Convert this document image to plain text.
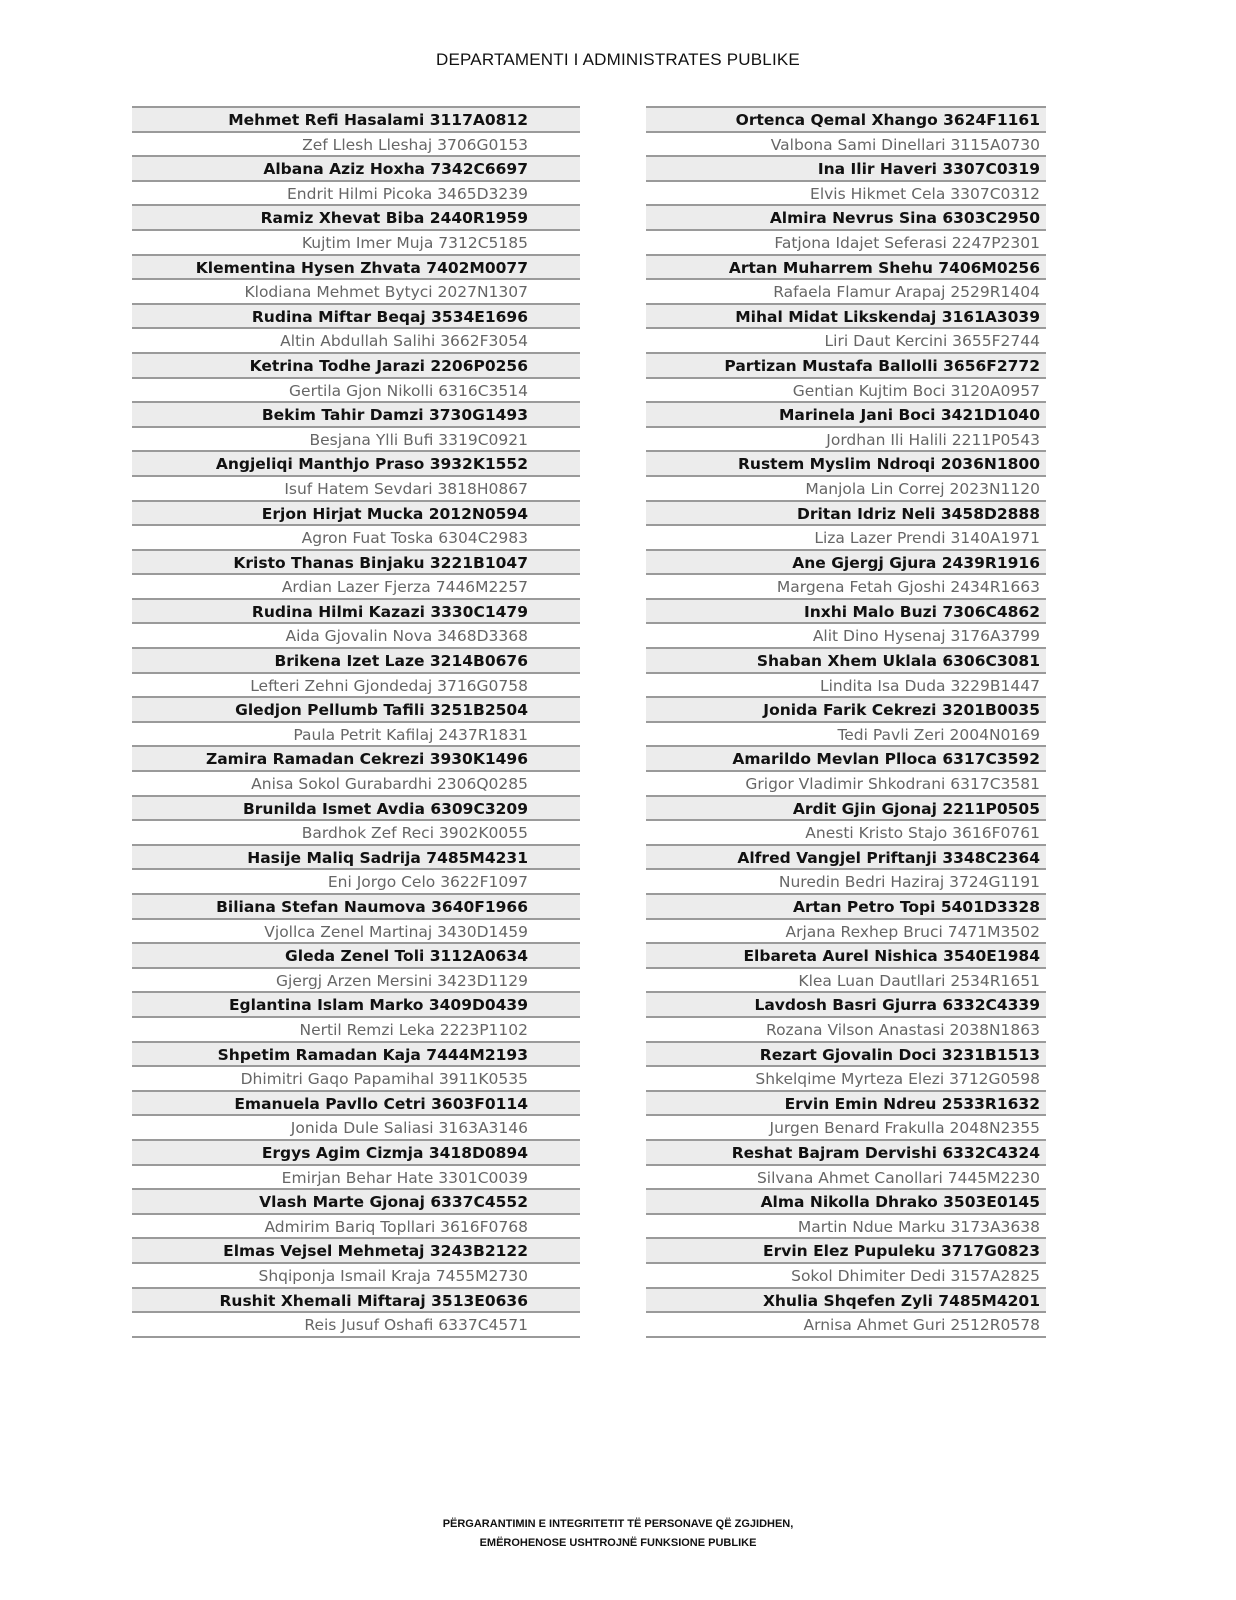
DEPARTAMENTI I ADMINISTRATES PUBLIKE
Mehmet Refi Hasalami 3117A0812
Zef Llesh Lleshaj 3706G0153
Albana Aziz Hoxha 7342C6697
Endrit Hilmi Picoka 3465D3239
Ramiz Xhevat Biba 2440R1959
Kujtim Imer Muja 7312C5185
Klementina Hysen Zhvata 7402M0077
Klodiana Mehmet Bytyci 2027N1307
Rudina Miftar Beqaj 3534E1696
Altin Abdullah Salihi 3662F3054
Ketrina Todhe Jarazi 2206P0256
Gertila Gjon Nikolli 6316C3514
Bekim Tahir Damzi 3730G1493
Besjana Ylli Bufi 3319C0921
Angjeliqi Manthjo Praso 3932K1552
Isuf Hatem Sevdari 3818H0867
Erjon Hirjat Mucka 2012N0594
Agron Fuat Toska 6304C2983
Kristo Thanas Binjaku 3221B1047
Ardian Lazer Fjerza 7446M2257
Rudina Hilmi Kazazi 3330C1479
Aida Gjovalin Nova 3468D3368
Brikena Izet Laze 3214B0676
Lefteri Zehni Gjondedaj 3716G0758
Gledjon Pellumb Tafili 3251B2504
Paula Petrit Kafilaj 2437R1831
Zamira Ramadan Cekrezi 3930K1496
Anisa Sokol Gurabardhi 2306Q0285
Brunilda Ismet Avdia 6309C3209
Bardhok Zef Reci 3902K0055
Hasije Maliq Sadrija 7485M4231
Eni Jorgo Celo 3622F1097
Biliana Stefan Naumova 3640F1966
Vjollca Zenel Martinaj 3430D1459
Gleda Zenel Toli 3112A0634
Gjergj Arzen Mersini 3423D1129
Eglantina Islam Marko 3409D0439
Nertil Remzi Leka 2223P1102
Shpetim Ramadan Kaja 7444M2193
Dhimitri Gaqo Papamihal 3911K0535
Emanuela Pavllo Cetri 3603F0114
Jonida Dule Saliasi 3163A3146
Ergys Agim Cizmja 3418D0894
Emirjan Behar Hate 3301C0039
Vlash Marte Gjonaj 6337C4552
Admirim Bariq Topllari 3616F0768
Elmas Vejsel Mehmetaj 3243B2122
Shqiponja Ismail Kraja 7455M2730
Rushit Xhemali Miftaraj 3513E0636
Reis Jusuf Oshafi 6337C4571
Ortenca Qemal Xhango 3624F1161
Valbona Sami Dinellari 3115A0730
Ina Ilir Haveri 3307C0319
Elvis Hikmet Cela 3307C0312
Almira Nevrus Sina 6303C2950
Fatjona Idajet Seferasi 2247P2301
Artan Muharrem Shehu 7406M0256
Rafaela Flamur Arapaj 2529R1404
Mihal Midat Likskendaj 3161A3039
Liri Daut Kercini 3655F2744
Partizan Mustafa Ballolli 3656F2772
Gentian Kujtim Boci 3120A0957
Marinela Jani Boci 3421D1040
Jordhan Ili Halili 2211P0543
Rustem Myslim Ndroqi 2036N1800
Manjola Lin Correj 2023N1120
Dritan Idriz Neli 3458D2888
Liza Lazer Prendi 3140A1971
Ane Gjergj Gjura 2439R1916
Margena Fetah Gjoshi 2434R1663
Inxhi Malo Buzi 7306C4862
Alit Dino Hysenaj 3176A3799
Shaban Xhem Uklala 6306C3081
Lindita Isa Duda 3229B1447
Jonida Farik Cekrezi 3201B0035
Tedi Pavli Zeri 2004N0169
Amarildo Mevlan Plloca 6317C3592
Grigor Vladimir Shkodrani 6317C3581
Ardit Gjin Gjonaj 2211P0505
Anesti Kristo Stajo 3616F0761
Alfred Vangjel Priftanji 3348C2364
Nuredin Bedri Haziraj 3724G1191
Artan Petro Topi 5401D3328
Arjana Rexhep Bruci 7471M3502
Elbareta Aurel Nishica 3540E1984
Klea Luan Dautllari 2534R1651
Lavdosh Basri Gjurra 6332C4339
Rozana Vilson Anastasi 2038N1863
Rezart Gjovalin Doci 3231B1513
Shkelqime Myrteza Elezi 3712G0598
Ervin Emin Ndreu 2533R1632
Jurgen Benard Frakulla 2048N2355
Reshat Bajram Dervishi 6332C4324
Silvana Ahmet Canollari 7445M2230
Alma Nikolla Dhrako 3503E0145
Martin Ndue Marku 3173A3638
Ervin Elez Pupuleku 3717G0823
Sokol Dhimiter Dedi 3157A2825
Xhulia Shqefen Zyli 7485M4201
Arnisa Ahmet Guri 2512R0578
PËRGARANTIMIN E INTEGRITETIT TË PERSONAVE QË ZGJIDHEN,
EMËROHENOSE USHTROJNË FUNKSIONE PUBLIKE
